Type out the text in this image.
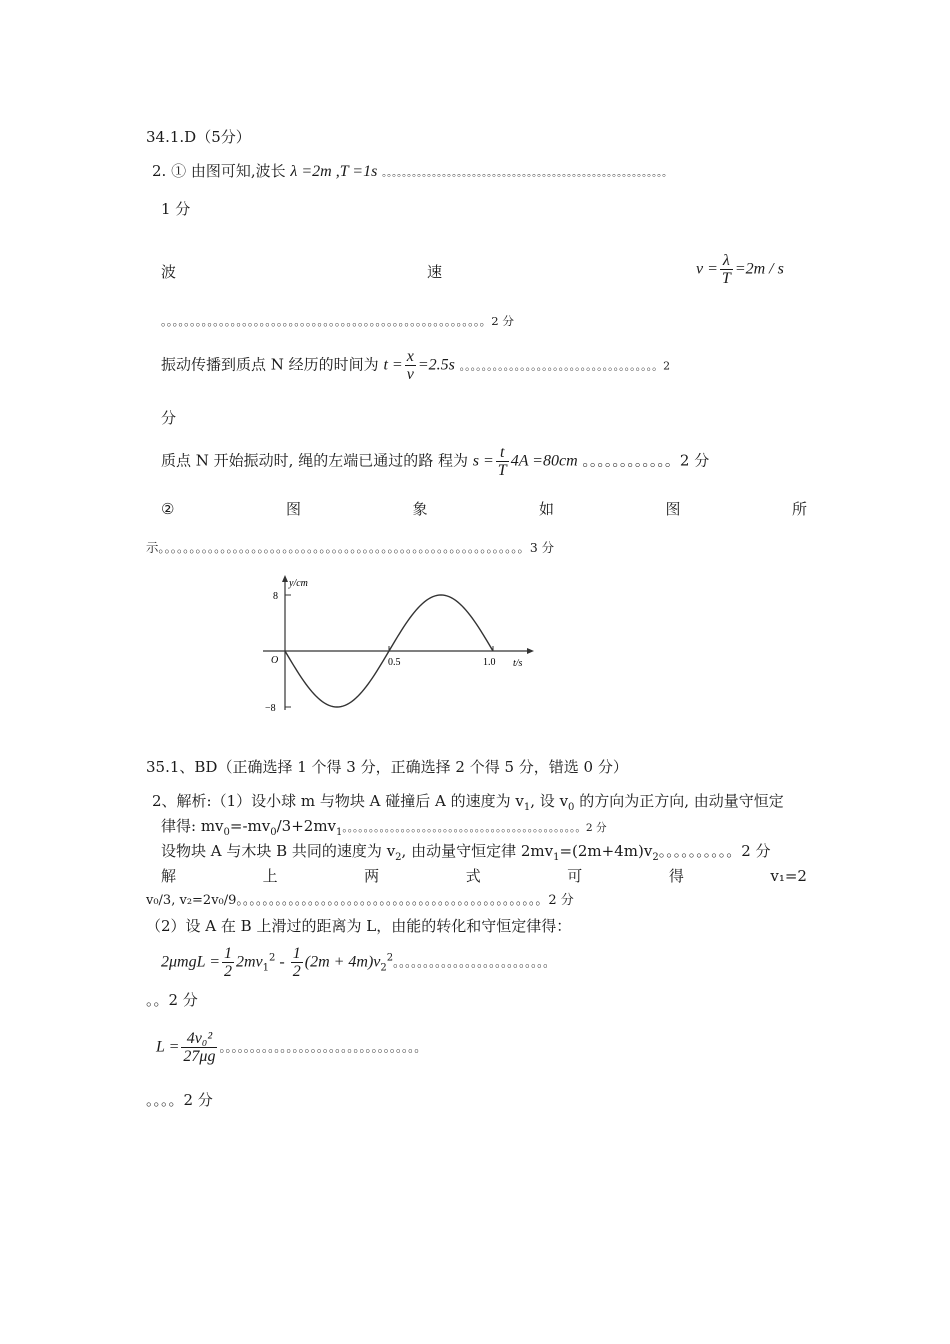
34.1.D（5分）
2. ① 由图可知,波长 λ =2m ,T =1s 。。。。。。。。。。。。。。。。。。。。。。。。。。。。。。。。。。。。。。。。。。。。。。。。。。。。。。。。。
1 分
波	速	$v = \frac{\lambda}{T} =2m / s$
。。。。。。。。。。。。。。。。。。。。。。。。。。。。。。。。。。。。。。。。。。。。。。。。。。。。。。。。2 分
振动传播到质点 N 经历的时间为 $t = \frac{x}{v} =2.5s$ 。。。。。。。。。。。。。。。。。。。。。。。。。。。。。。。。。。。。2
分
质点 N 开始振动时, 绳的左端已通过的路 程为 $s = \frac{t}{T} 4A =80cm$ 。。。。。。。。。。。。2 分
②	图	象	如	图	所
示。。。。。。。。。。。。。。。。。。。。。。。。。。。。。。。。。。。。。。。。。。。。。。。。。。。。。。。。。。。3 分
y/cm
t/s
O
8
−8
0.5	1.0
35.1、BD（正确选择 1 个得 3 分，正确选择 2 个得 5 分，错选 0 分）
2、解析:（1）设小球 m 与物块 A 碰撞后 A 的速度为 $v_1$, 设 $v_0$ 的方向为正方向, 由动量守恒定
律得: $mv_0=-mv_0/3+2mv_1$。。。。。。。。。。。。。。。。。。。。。。。。。。。。。。。。。。。。。。。。。。。。。2 分
设物块 A 与木块 B 共同的速度为 $v_2$, 由动量守恒定律 $2mv_1=(2m+4m)v_2$。。。。。。。。。。2 分
解	上	两	式	可	得	v₁=2
v₀/3, v₂=2v₀/9。。。。。。。。。。。。。。。。。。。。。。。。。。。。。。。。。。。。。。。。。。。。。。。2 分
（2）设 A 在 B 上滑过的距离为 L，由能的转化和守恒定律得：
$2\mu mgL = \frac{1}{2} 2mv_1^2 - \frac{1}{2} (2m + 4m)v_2^2$。。。。。。。。。。。。。。。。。。。。。。。。。。
。。2 分
$L = \frac{\text{4v₀²}}{27\mu g}$ 。。。。。。。。。。。。。。。。。。。。。。。。。。。。。。。。。
。。。。2 分
